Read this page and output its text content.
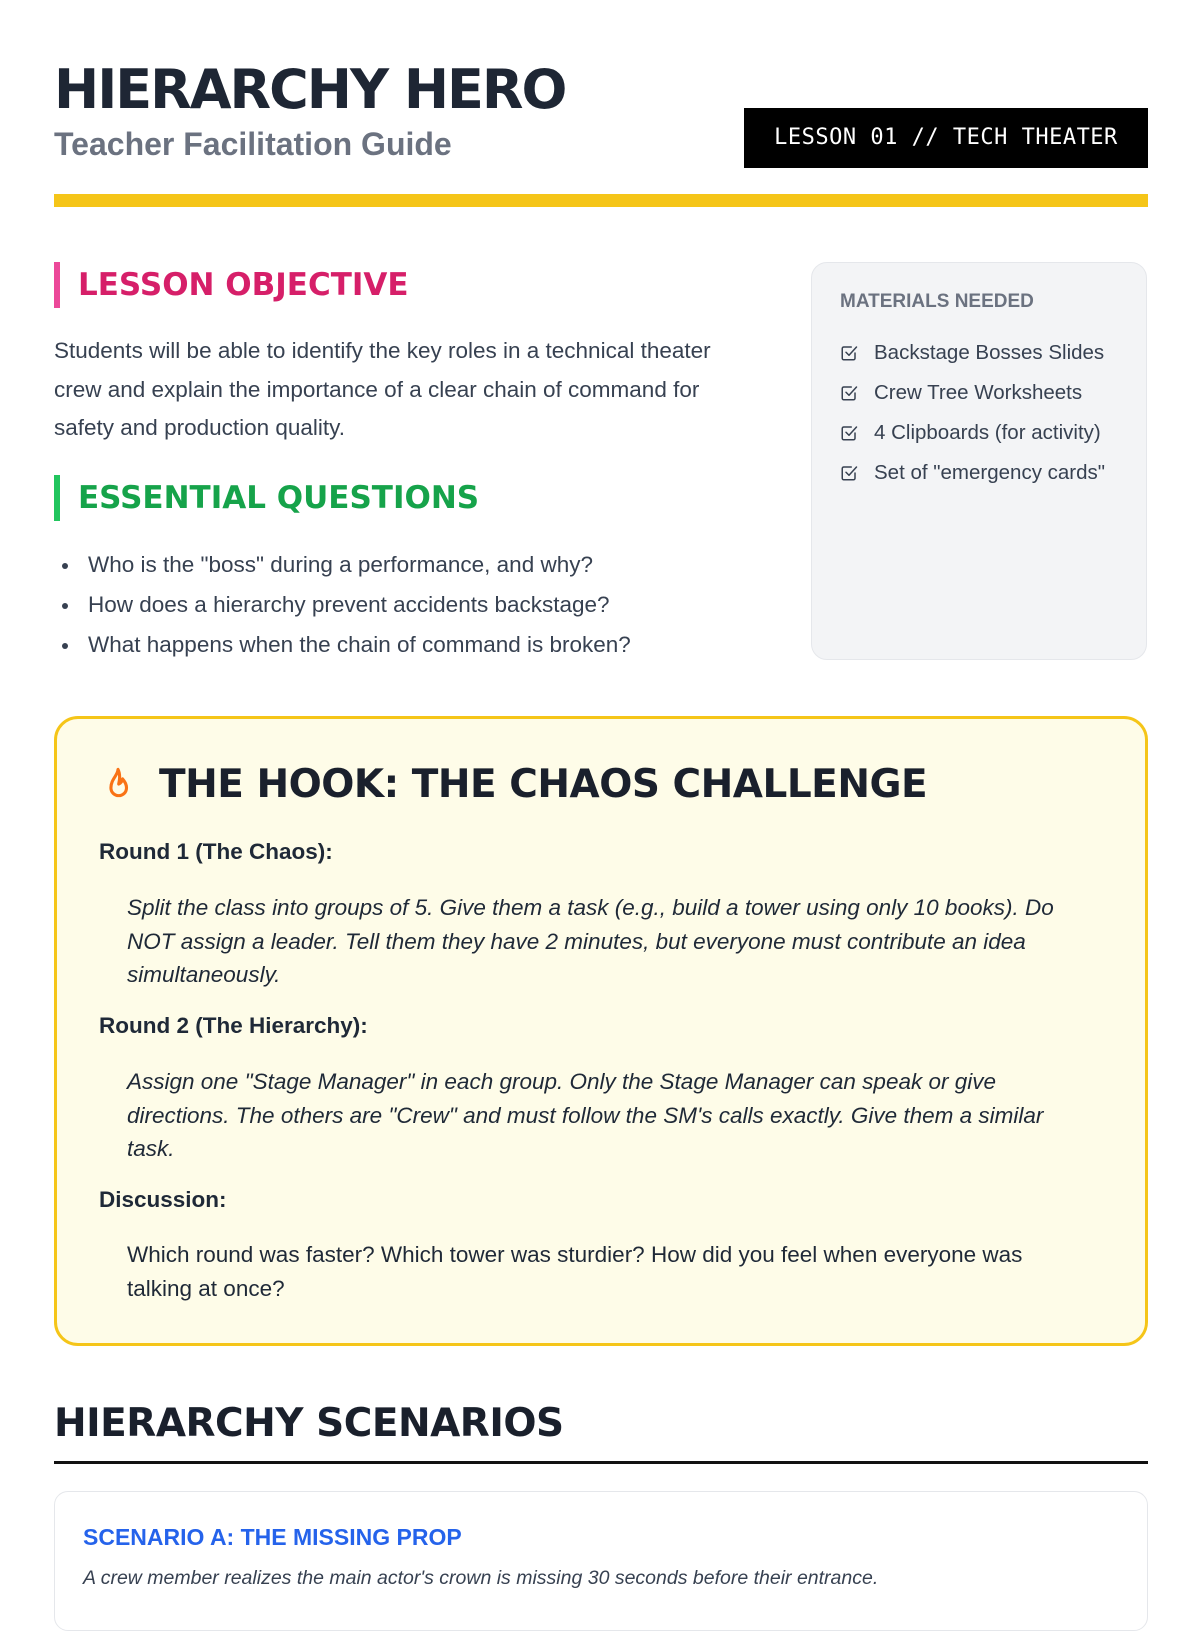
HIERARCHY HERO
Teacher Facilitation Guide	LESSON 01 // TECH THEATER
LESSON OBJECTIVE

Students will be able to identify the key roles in a technical theater crew and explain the importance of a clear chain of command for safety and production quality.

ESSENTIAL QUESTIONS
Who is the "boss" during a performance, and why?
How does a hierarchy prevent accidents backstage?
What happens when the chain of command is broken?
MATERIALS NEEDED
Backstage Bosses Slides
Crew Tree Worksheets
4 Clipboards (for activity)
Set of "emergency cards"
THE HOOK: THE CHAOS CHALLENGE
Round 1 (The Chaos):

Split the class into groups of 5. Give them a task (e.g., build a tower using only 10 books). Do NOT assign a leader. Tell them they have 2 minutes, but everyone must contribute an idea simultaneously.

Round 2 (The Hierarchy):

Assign one "Stage Manager" in each group. Only the Stage Manager can speak or give directions. The others are "Crew" and must follow the SM's calls exactly. Give them a similar task.

Discussion:

Which round was faster? Which tower was sturdier? How did you feel when everyone was talking at once?

HIERARCHY SCENARIOS
SCENARIO A: THE MISSING PROP
A crew member realizes the main actor's crown is missing 30 seconds before their entrance.
